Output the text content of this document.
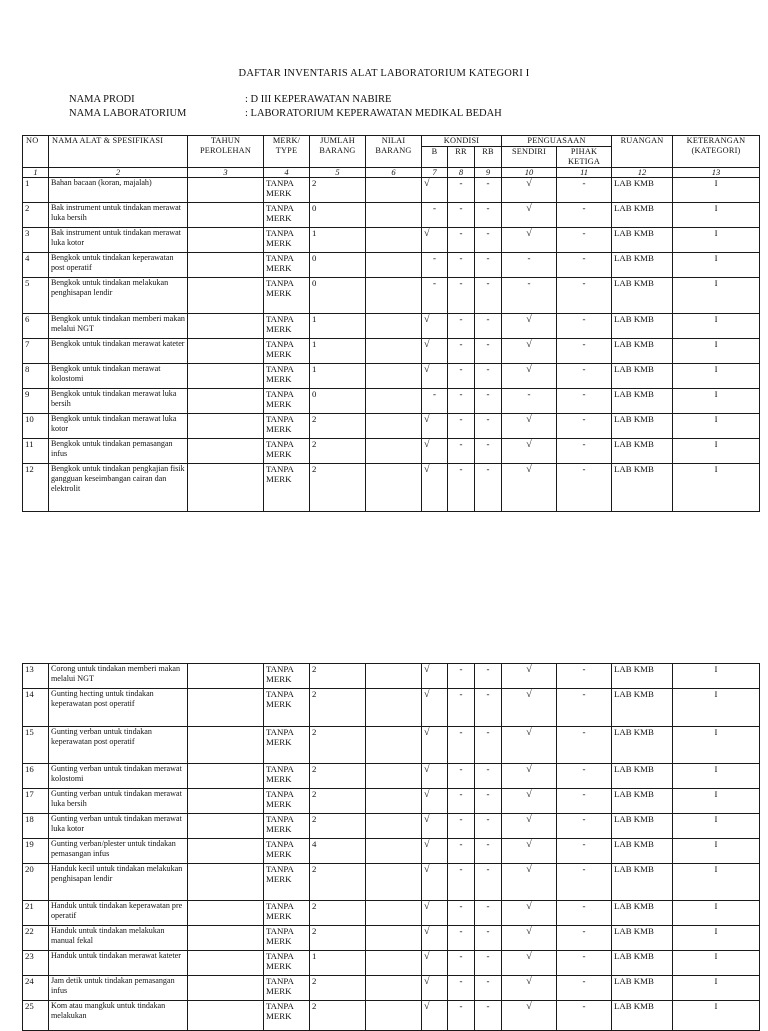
DAFTAR INVENTARIS ALAT LABORATORIUM KATEGORI I
NAMA PRODI	: D III KEPERAWATAN NABIRE
NAMA LABORATORIUM	: LABORATORIUM KEPERAWATAN MEDIKAL BEDAH
NO	NAMA ALAT & SPESIFIKASI	TAHUN PEROLEHAN	MERK/ TYPE	JUMLAH BARANG	NILAI BARANG	KONDISI			PENGUASAAN		RUANGAN	KETERANGAN (KATEGORI)
						B	RR	RB	SENDIRI	PIHAK KETIGA		
1	2	3	4	5	6	7	8	9	10	11	12	13
1	Bahan bacaan (koran, majalah)		TANPA MERK	2		√	-	-	√	-	LAB KMB	I
2	Bak instrument untuk tindakan merawat luka bersih		TANPA MERK	0		-	-	-	√	-	LAB KMB	I
3	Bak instrument untuk tindakan merawat luka kotor		TANPA MERK	1		√	-	-	√	-	LAB KMB	I
4	Bengkok untuk tindakan keperawatan post operatif		TANPA MERK	0		-	-	-	-	-	LAB KMB	I
5	Bengkok untuk tindakan melakukan penghisapan lendir		TANPA MERK	0		-	-	-	-	-	LAB KMB	I
6	Bengkok untuk tindakan memberi makan melalui NGT		TANPA MERK	1		√	-	-	√	-	LAB KMB	I
7	Bengkok untuk tindakan merawat kateter		TANPA MERK	1		√	-	-	√	-	LAB KMB	I
8	Bengkok untuk tindakan merawat kolostomi		TANPA MERK	1		√	-	-	√	-	LAB KMB	I
9	Bengkok untuk tindakan merawat luka bersih		TANPA MERK	0		-	-	-	-	-	LAB KMB	I
10	Bengkok untuk tindakan merawat luka kotor		TANPA MERK	2		√	-	-	√	-	LAB KMB	I
11	Bengkok untuk tindakan pemasangan infus		TANPA MERK	2		√	-	-	√	-	LAB KMB	I
12	Bengkok untuk tindakan pengkajian fisik gangguan keseimbangan cairan dan elektrolit		TANPA MERK	2		√	-	-	√	-	LAB KMB	I
13	Corong untuk tindakan memberi makan melalui NGT		TANPA MERK	2		√	-	-	√	-	LAB KMB	I
14	Gunting hecting untuk tindakan keperawatan post operatif		TANPA MERK	2		√	-	-	√	-	LAB KMB	I
15	Gunting verban untuk tindakan keperawatan post operatif		TANPA MERK	2		√	-	-	√	-	LAB KMB	I
16	Gunting verban untuk tindakan merawat kolostomi		TANPA MERK	2		√	-	-	√	-	LAB KMB	I
17	Gunting verban untuk tindakan merawat luka bersih		TANPA MERK	2		√	-	-	√	-	LAB KMB	I
18	Gunting verban untuk tindakan merawat luka kotor		TANPA MERK	2		√	-	-	√	-	LAB KMB	I
19	Gunting verban/plester untuk tindakan pemasangan infus		TANPA MERK	4		√	-	-	√	-	LAB KMB	I
20	Handuk kecil untuk tindakan melakukan penghisapan lendir		TANPA MERK	2		√	-	-	√	-	LAB KMB	I
21	Handuk untuk tindakan keperawatan pre operatif		TANPA MERK	2		√	-	-	√	-	LAB KMB	I
22	Handuk untuk tindakan melakukan manual fekal		TANPA MERK	2		√	-	-	√	-	LAB KMB	I
23	Handuk untuk tindakan merawat kateter		TANPA MERK	1		√	-	-	√	-	LAB KMB	I
24	Jam detik untuk tindakan pemasangan infus		TANPA MERK	2		√	-	-	√	-	LAB KMB	I
25	Kom atau mangkuk untuk tindakan melakukan		TANPA MERK	2		√	-	-	√	-	LAB KMB	I
